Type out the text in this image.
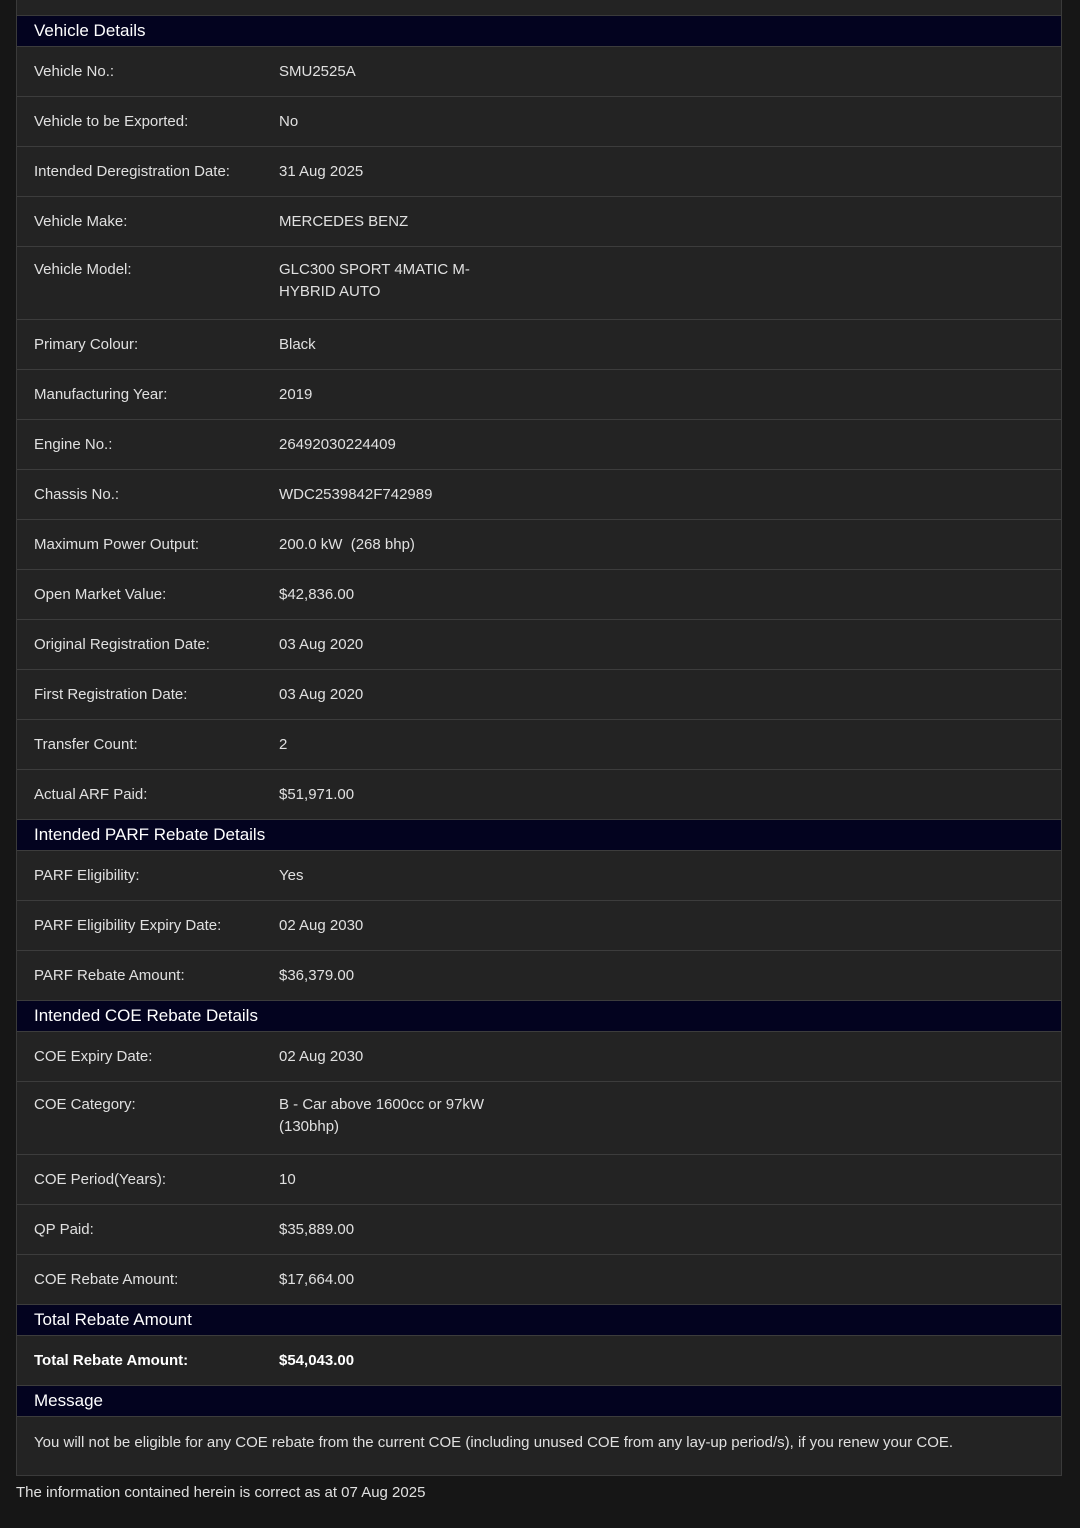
Vehicle Details
Vehicle No.:	SMU2525A
Vehicle to be Exported:	No
Intended Deregistration Date:	31 Aug 2025
Vehicle Make:	MERCEDES BENZ
Vehicle Model:	GLC300 SPORT 4MATIC M-
HYBRID AUTO
Primary Colour:	Black
Manufacturing Year:	2019
Engine No.:	26492030224409
Chassis No.:	WDC2539842F742989
Maximum Power Output:	200.0 kW  (268 bhp)
Open Market Value:	$42,836.00
Original Registration Date:	03 Aug 2020
First Registration Date:	03 Aug 2020
Transfer Count:	2
Actual ARF Paid:	$51,971.00
Intended PARF Rebate Details
PARF Eligibility:	Yes
PARF Eligibility Expiry Date:	02 Aug 2030
PARF Rebate Amount:	$36,379.00
Intended COE Rebate Details
COE Expiry Date:	02 Aug 2030
COE Category:	B - Car above 1600cc or 97kW
(130bhp)
COE Period(Years):	10
QP Paid:	$35,889.00
COE Rebate Amount:	$17,664.00
Total Rebate Amount
Total Rebate Amount:	$54,043.00
Message
You will not be eligible for any COE rebate from the current COE (including unused COE from any lay-up period/s), if you renew your COE.
The information contained herein is correct as at 07 Aug 2025
